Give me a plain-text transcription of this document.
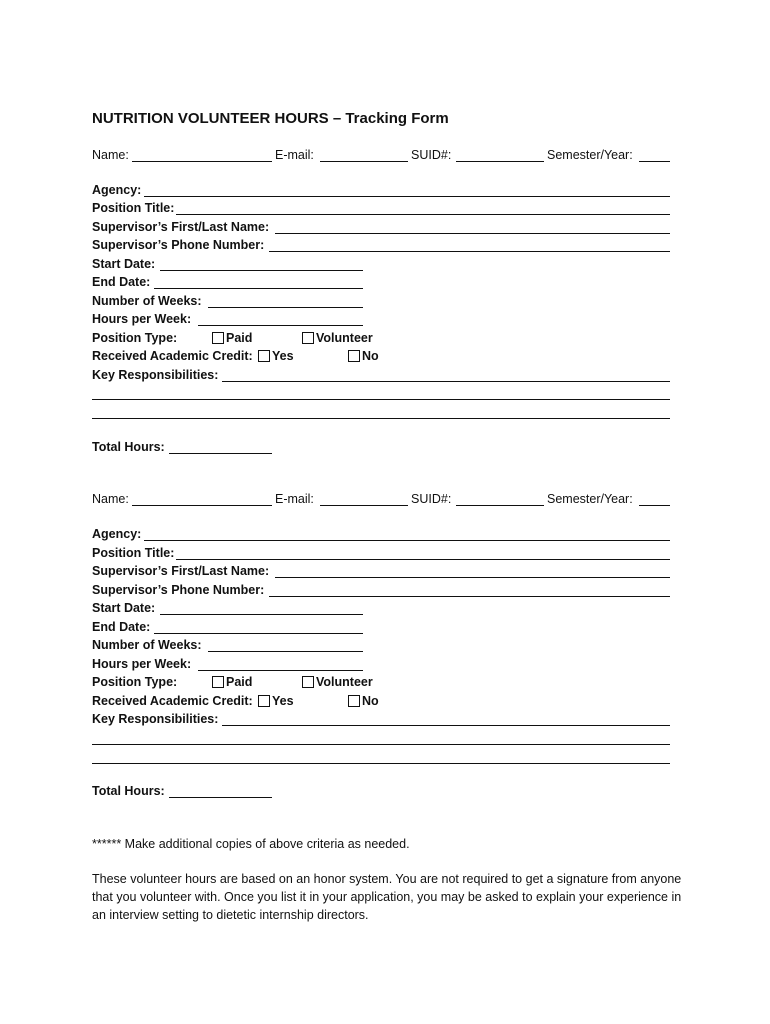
NUTRITION VOLUNTEER HOURS – Tracking Form
Name:	E-mail:	SUID#:	Semester/Year:
Agency:
Position Title:
Supervisor’s First/Last Name:
Supervisor’s Phone Number:
Start Date:
End Date:
Number of Weeks:
Hours per Week:
Position Type:	Paid	Volunteer
Received Academic Credit:	Yes	No
Key Responsibilities:
Total Hours:
Name:	E-mail:	SUID#:	Semester/Year:
Agency:
Position Title:
Supervisor’s First/Last Name:
Supervisor’s Phone Number:
Start Date:
End Date:
Number of Weeks:
Hours per Week:
Position Type:	Paid	Volunteer
Received Academic Credit:	Yes	No
Key Responsibilities:
Total Hours:
****** Make additional copies of above criteria as needed.
These volunteer hours are based on an honor system. You are not required to get a signature from anyone that you volunteer with. Once you list it in your application, you may be asked to explain your experience in an interview setting to dietetic internship directors.
